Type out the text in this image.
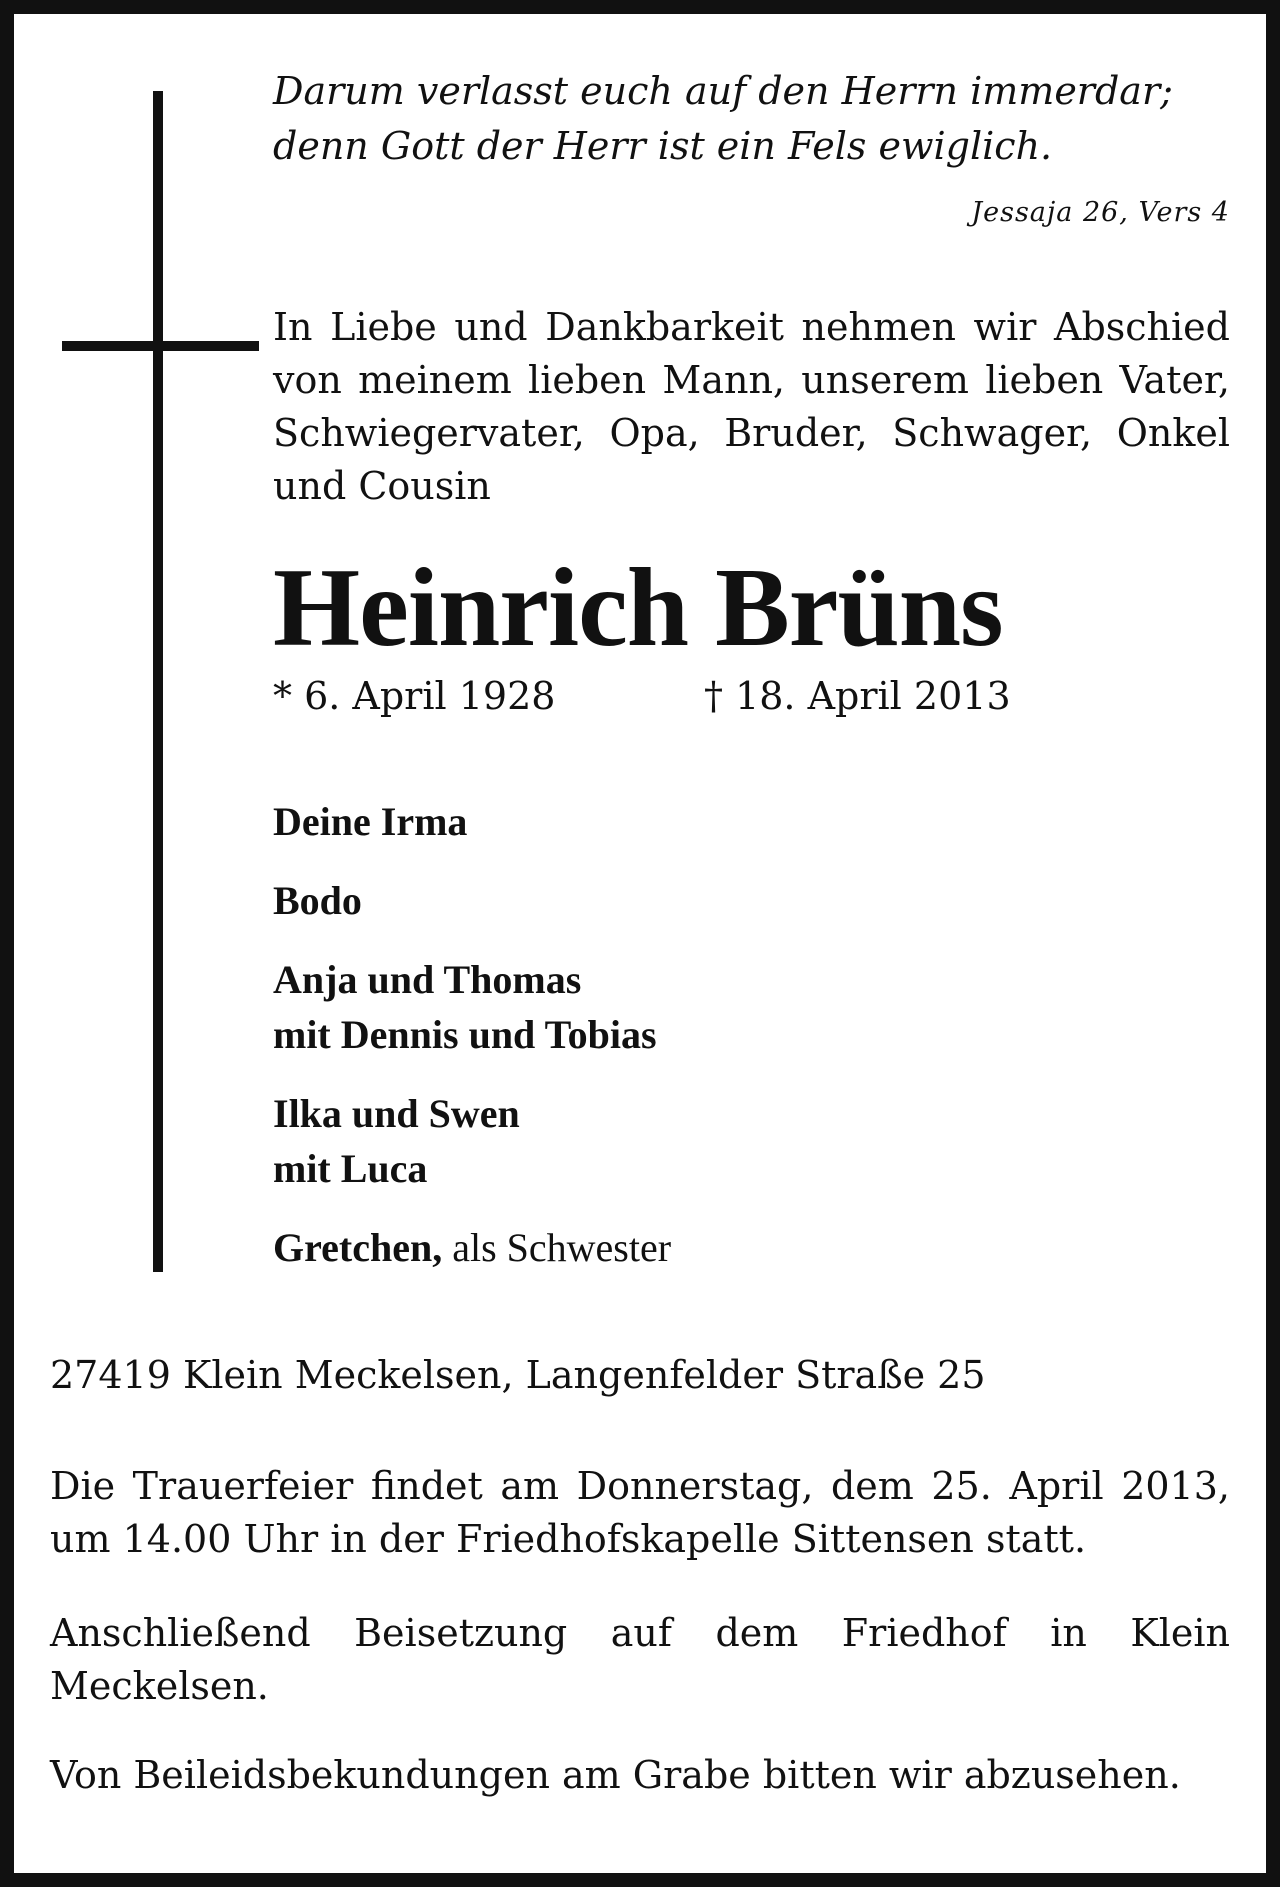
Darum verlasst euch auf den Herrn immerdar;
denn Gott der Herr ist ein Fels ewiglich.
Jessaja 26, Vers 4
In Liebe und Dankbarkeit nehmen wir Abschied von meinem lieben Mann, unserem lieben Vater, Schwiegervater, Opa, Bruder, Schwager, Onkel und Cousin
Heinrich Brüns
* 6. April 1928	† 18. April 2013
Deine Irma
Bodo
Anja und Thomas
mit Dennis und Tobias
Ilka und Swen
mit Luca
Gretchen, als Schwester
27419 Klein Meckelsen, Langenfelder Straße 25
Die Trauerfeier findet am Donnerstag, dem 25. April 2013, um 14.00 Uhr in der Friedhofskapelle Sittensen statt.
Anschließend Beisetzung auf dem Friedhof in Klein Meckelsen.
Von Beileidsbekundungen am Grabe bitten wir abzusehen.
